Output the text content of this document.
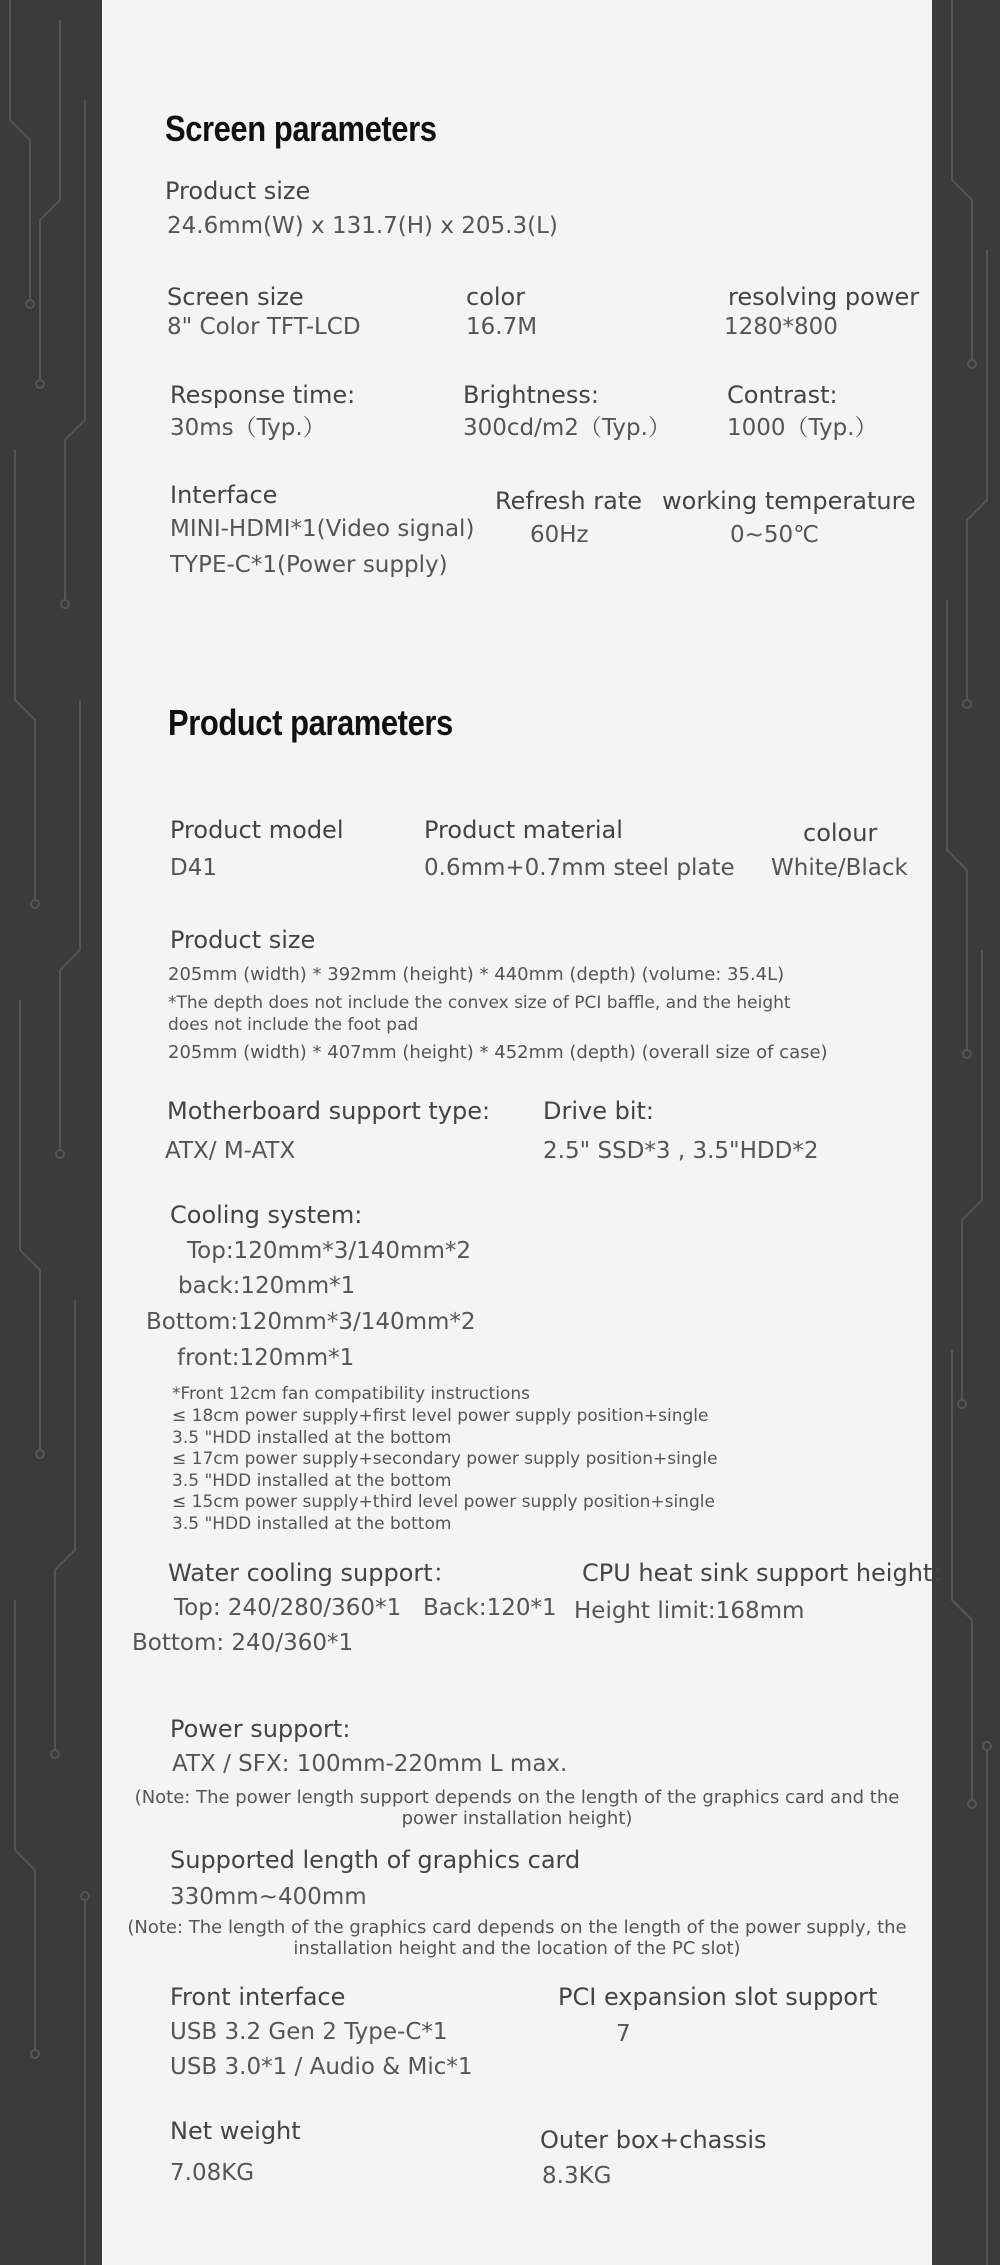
Screen parameters
Product size
24.6mm(W) x 131.7(H) x 205.3(L)
Screen size
8" Color TFT-LCD
color
16.7M
resolving power
1280*800
Response time:
30ms（Typ.）
Brightness:
300cd/m2（Typ.）
Contrast:
1000（Typ.）
Interface
MINI-HDMI*1(Video signal)
TYPE-C*1(Power supply)
Refresh rate
60Hz
working temperature
0~50℃
Product parameters
Product model
D41
Product material
0.6mm+0.7mm steel plate
colour
White/Black
Product size
205mm (width) * 392mm (height) * 440mm (depth) (volume: 35.4L)
*The depth does not include the convex size of PCI baffle, and the height
does not include the foot pad
205mm (width) * 407mm (height) * 452mm (depth) (overall size of case)
Motherboard support type:
ATX/ M-ATX
Drive bit:
2.5" SSD*3 , 3.5"HDD*2
Cooling system:
Top:120mm*3/140mm*2
back:120mm*1
Bottom:120mm*3/140mm*2
front:120mm*1
*Front 12cm fan compatibility instructions
≤ 18cm power supply+first level power supply position+single
3.5 "HDD installed at the bottom
≤ 17cm power supply+secondary power supply position+single
3.5 "HDD installed at the bottom
≤ 15cm power supply+third level power supply position+single
3.5 "HDD installed at the bottom
Water cooling support：
Top: 240/280/360*1 Back:120*1
Bottom: 240/360*1
CPU heat sink support height：
Height limit:168mm
Power support:
ATX / SFX: 100mm-220mm L max.
(Note: The power length support depends on the length of the graphics card and the
power installation height)
Supported length of graphics card
330mm~400mm
(Note: The length of the graphics card depends on the length of the power supply, the
installation height and the location of the PC slot)
Front interface
USB 3.2 Gen 2 Type-C*1
USB 3.0*1 / Audio & Mic*1
PCI expansion slot support
7
Net weight
7.08KG
Outer box+chassis
8.3KG
